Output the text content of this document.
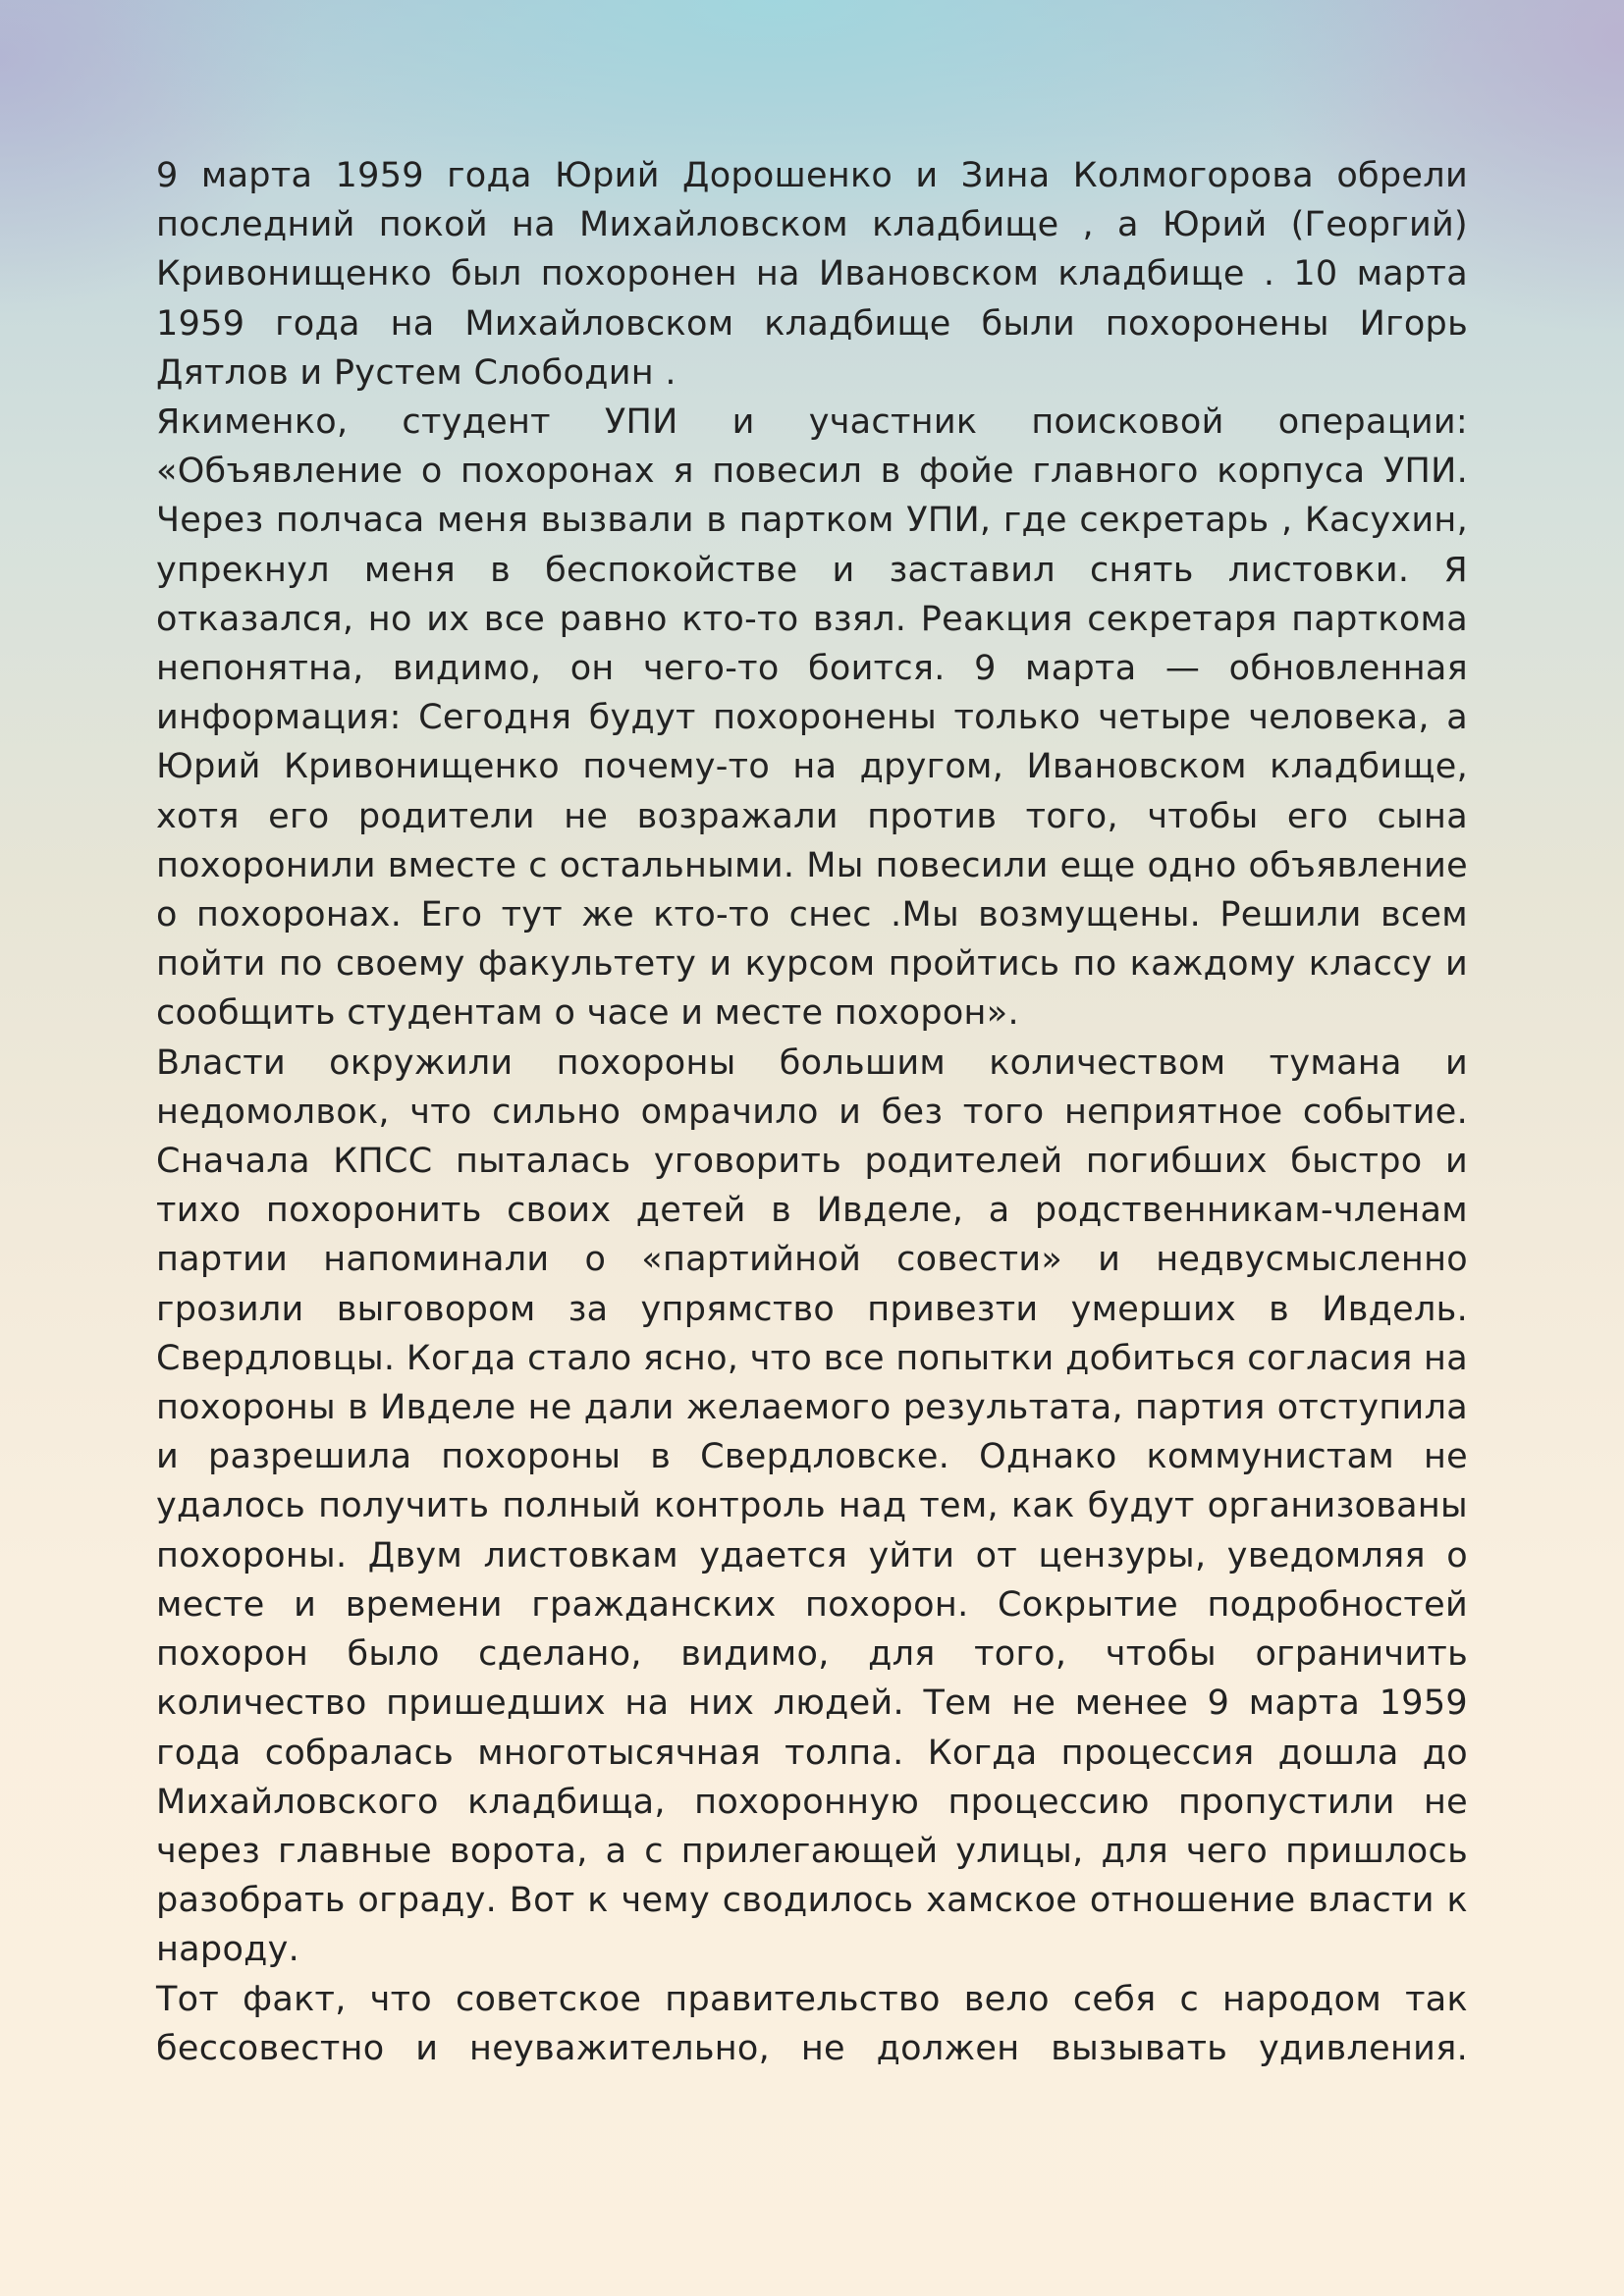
9 марта 1959 года Юрий Дорошенко и Зина Колмогорова обрели последний покой на Михайловском кладбище , а Юрий (Георгий) Кривонищенко был похоронен на Ивановском кладбище . 10 марта 1959 года на Михайловском кладбище были похоронены Игорь Дятлов и Рустем Слободин .

Якименко, студент УПИ и участник поисковой операции: «Объявление о похоронах я повесил в фойе главного корпуса УПИ. Через полчаса меня вызвали в партком УПИ, где секретарь , Касухин, упрекнул меня в беспокойстве и заставил снять листовки. Я отказался, но их все равно кто-то взял. Реакция секретаря парткома непонятна, видимо, он чего-то боится. 9 марта — обновленная информация: Сегодня будут похоронены только четыре человека, а Юрий Кривонищенко почему-то на другом, Ивановском кладбище, хотя его родители не возражали против того, чтобы его сына похоронили вместе с остальными. Мы повесили еще одно объявление о похоронах. Его тут же кто-то снес .Мы возмущены. Решили всем пойти по своему факультету и курсом пройтись по каждому классу и сообщить студентам о часе и месте похорон».

Власти окружили похороны большим количеством тумана и недомолвок, что сильно омрачило и без того неприятное событие. Сначала КПСС пыталась уговорить родителей погибших быстро и тихо похоронить своих детей в Ивделе, а родственникам-членам партии напоминали о «партийной совести» и недвусмысленно грозили выговором за упрямство привезти умерших в Ивдель. Свердловцы. Когда стало ясно, что все попытки добиться согласия на похороны в Ивделе не дали желаемого результата, партия отступила и разрешила похороны в Свердловске. Однако коммунистам не удалось получить полный контроль над тем, как будут организованы похороны. Двум листовкам удается уйти от цензуры, уведомляя о месте и времени гражданских похорон. Сокрытие подробностей похорон было сделано, видимо, для того, чтобы ограничить количество пришедших на них людей. Тем не менее 9 марта 1959 года собралась многотысячная толпа. Когда процессия дошла до Михайловского кладбища, похоронную процессию пропустили не через главные ворота, а с прилегающей улицы, для чего пришлось разобрать ограду. Вот к чему сводилось хамское отношение власти к народу.

Тот факт, что советское правительство вело себя с народом так бессовестно и неуважительно, не должен вызывать удивления.
